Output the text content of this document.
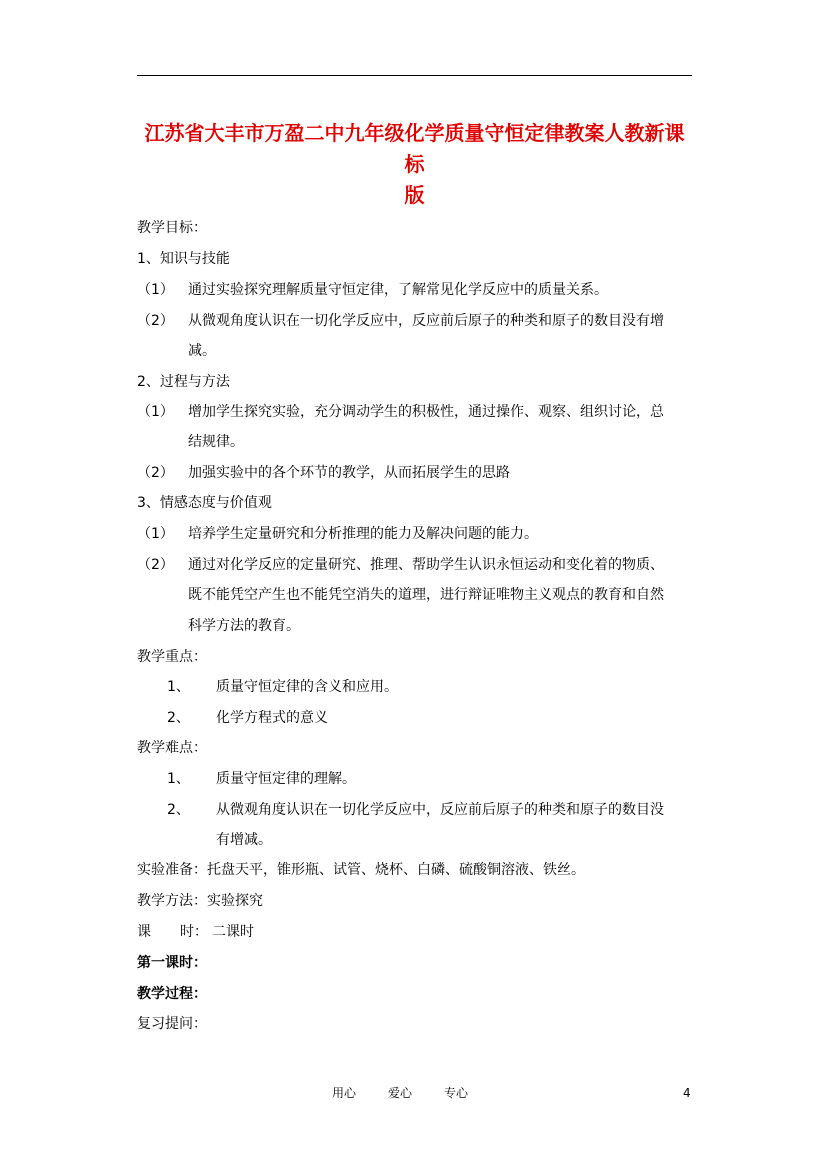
江苏省大丰市万盈二中九年级化学质量守恒定律教案人教新课标
版
教学目标：
1、知识与技能
（1） 通过实验探究理解质量守恒定律，了解常见化学反应中的质量关系。
（2） 从微观角度认识在一切化学反应中，反应前后原子的种类和原子的数目没有增
减。
2、过程与方法
（1） 增加学生探究实验，充分调动学生的积极性，通过操作、观察、组织讨论，总
结规律。
（2） 加强实验中的各个环节的教学，从而拓展学生的思路
3、情感态度与价值观
（1） 培养学生定量研究和分析推理的能力及解决问题的能力。
（2） 通过对化学反应的定量研究、推理、帮助学生认识永恒运动和变化着的物质、
既不能凭空产生也不能凭空消失的道理，进行辩证唯物主义观点的教育和自然
科学方法的教育。
教学重点：
1、 质量守恒定律的含义和应用。
2、 化学方程式的意义
教学难点：
1、 质量守恒定律的理解。
2、 从微观角度认识在一切化学反应中，反应前后原子的种类和原子的数目没
有增减。
实验准备：托盘天平，锥形瓶、试管、烧杯、白磷、硫酸铜溶液、铁丝。
教学方法：实验探究
课 时： 二课时
第一课时：
教学过程：
复习提问：
用心	爱心	专心	4
